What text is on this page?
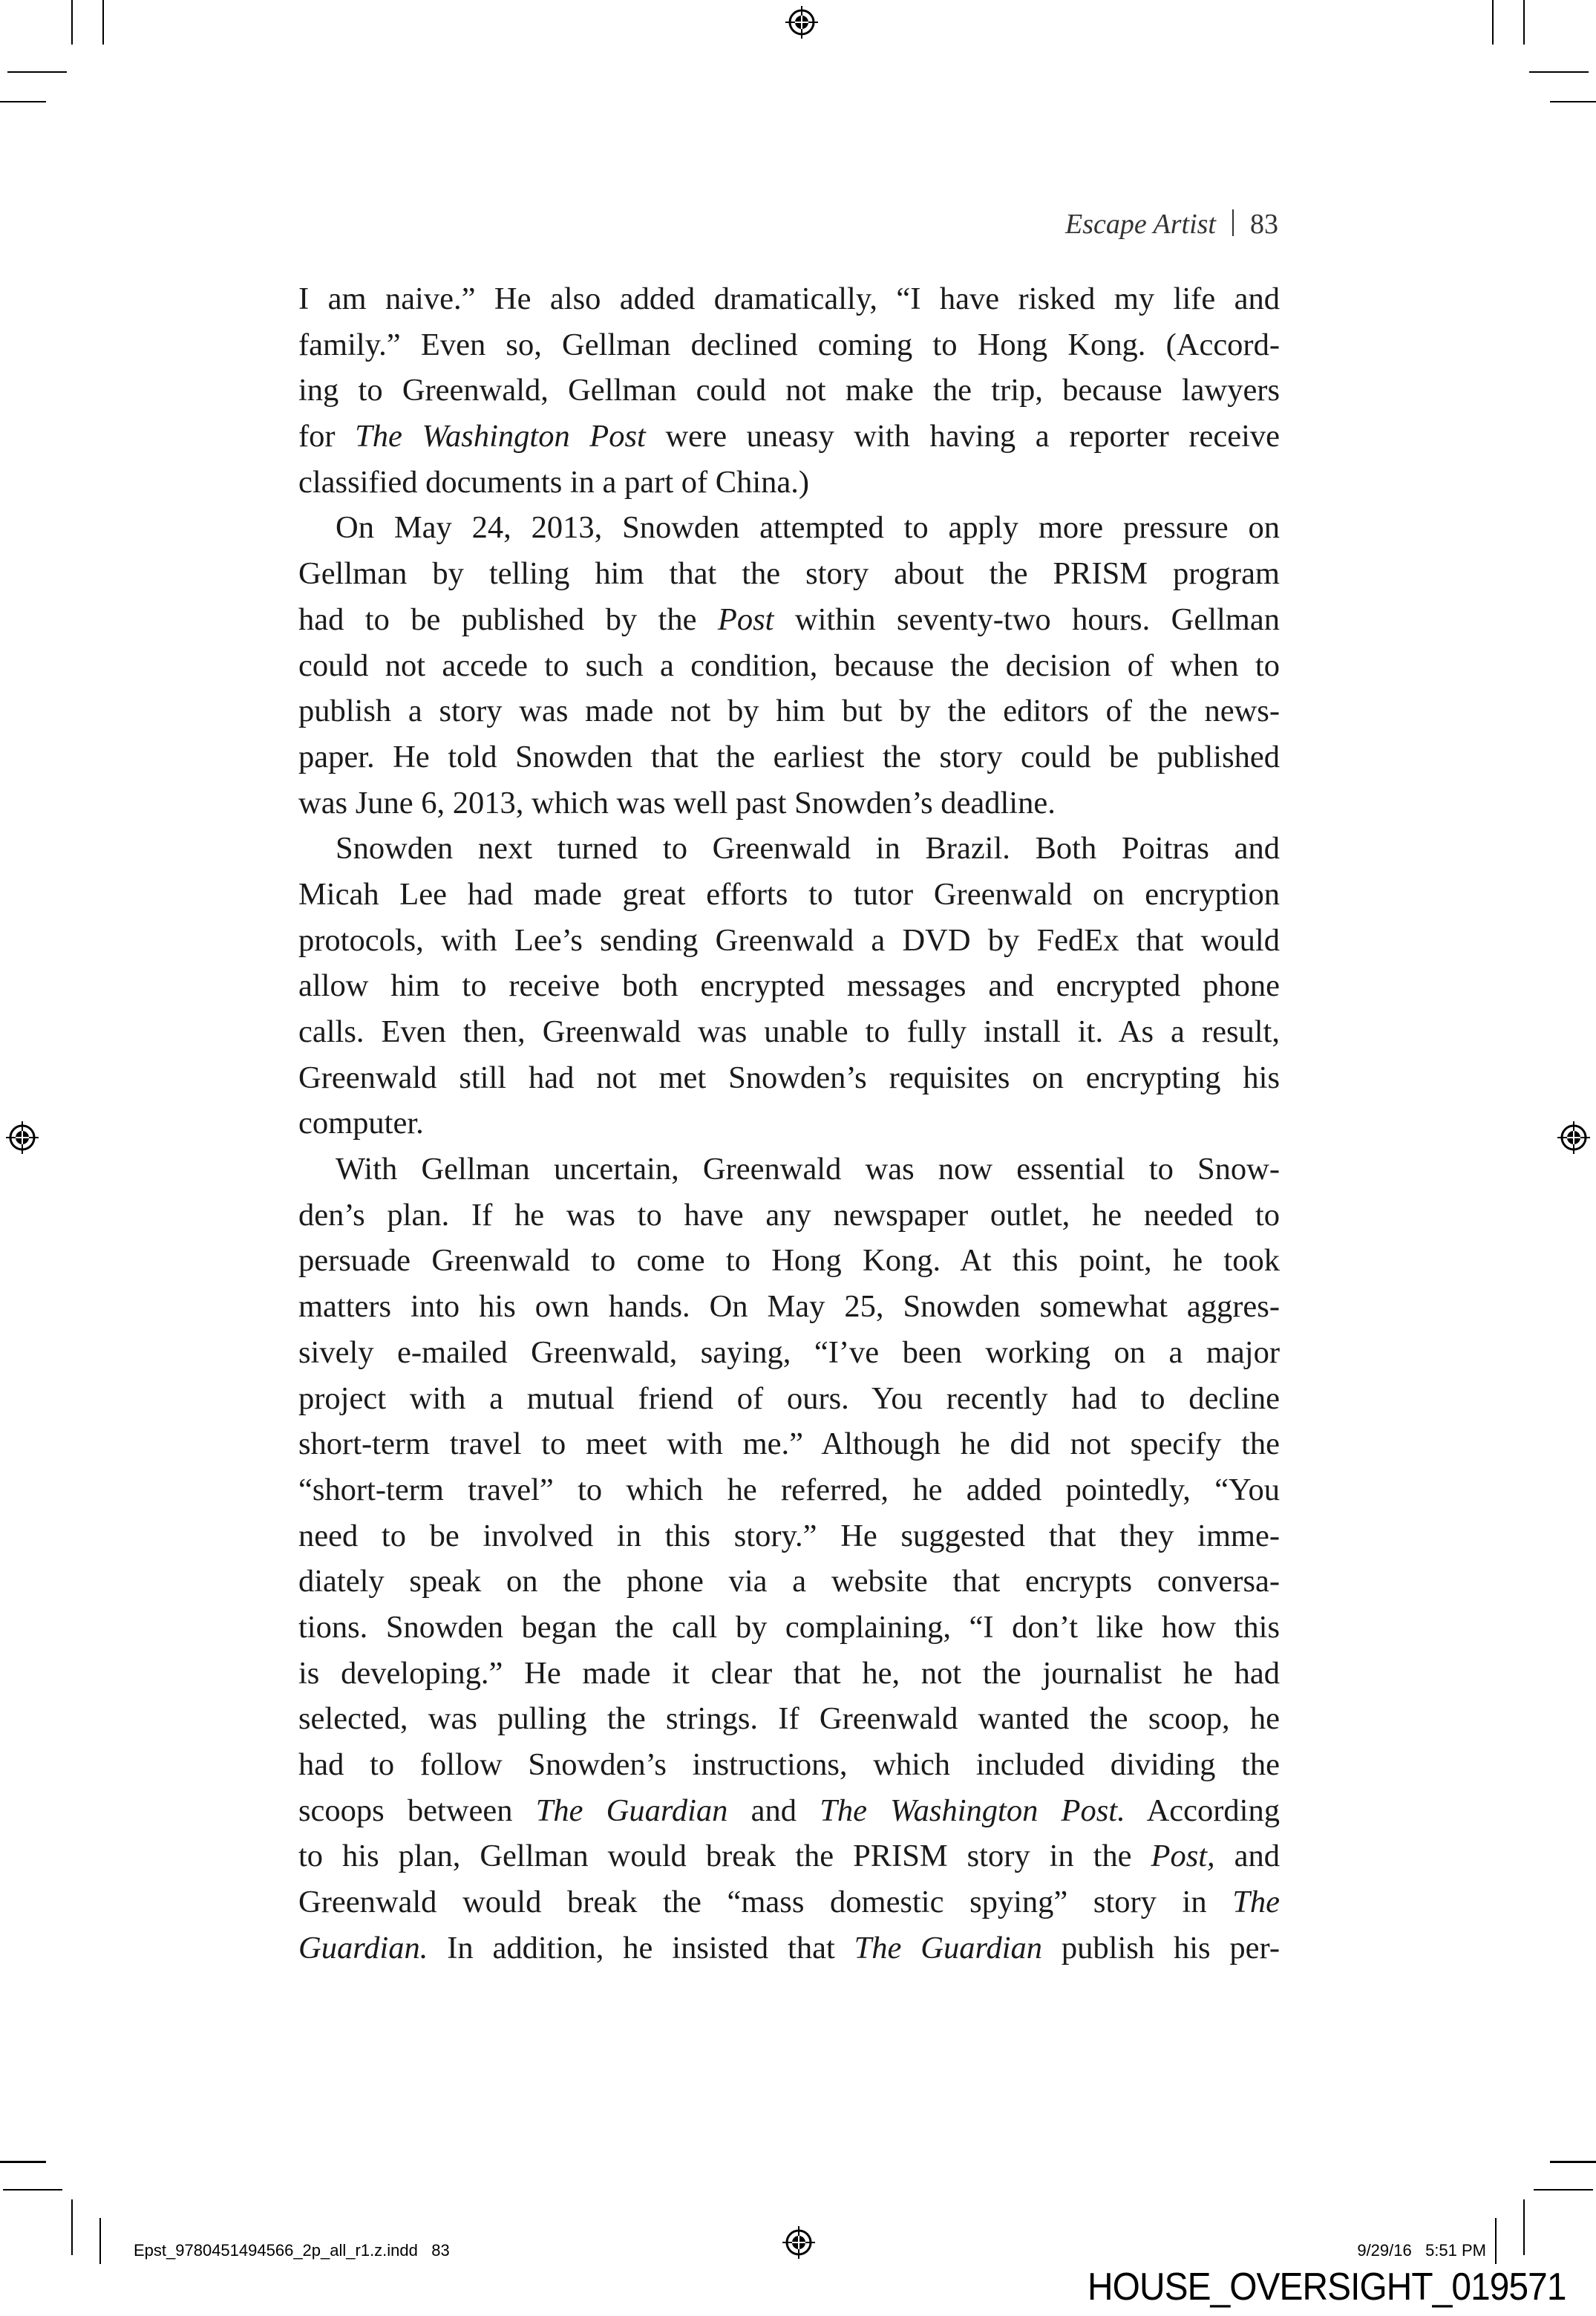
Escape Artist 83
I am naive.” He also added dramatically, “I have risked my life and
family.” Even so, Gellman declined coming to Hong Kong. (Accord-
ing to Greenwald, Gellman could not make the trip, because lawyers
for The Washington Post were uneasy with having a reporter receive
classified documents in a part of China.)
On May 24, 2013, Snowden attempted to apply more pressure on
Gellman by telling him that the story about the PRISM program
had to be published by the Post within seventy-two hours. Gellman
could not accede to such a condition, because the decision of when to
publish a story was made not by him but by the editors of the news-
paper. He told Snowden that the earliest the story could be published
was June 6, 2013, which was well past Snowden’s deadline.
Snowden next turned to Greenwald in Brazil. Both Poitras and
Micah Lee had made great efforts to tutor Greenwald on encryption
protocols, with Lee’s sending Greenwald a DVD by FedEx that would
allow him to receive both encrypted messages and encrypted phone
calls. Even then, Greenwald was unable to fully install it. As a result,
Greenwald still had not met Snowden’s requisites on encrypting his
computer.
With Gellman uncertain, Greenwald was now essential to Snow-
den’s plan. If he was to have any newspaper outlet, he needed to
persuade Greenwald to come to Hong Kong. At this point, he took
matters into his own hands. On May 25, Snowden somewhat aggres-
sively e-mailed Greenwald, saying, “I’ve been working on a major
project with a mutual friend of ours. You recently had to decline
short-term travel to meet with me.” Although he did not specify the
“short-term travel” to which he referred, he added pointedly, “You
need to be involved in this story.” He suggested that they imme-
diately speak on the phone via a website that encrypts conversa-
tions. Snowden began the call by complaining, “I don’t like how this
is developing.” He made it clear that he, not the journalist he had
selected, was pulling the strings. If Greenwald wanted the scoop, he
had to follow Snowden’s instructions, which included dividing the
scoops between The Guardian and The Washington Post. According
to his plan, Gellman would break the PRISM story in the Post, and
Greenwald would break the “mass domestic spying” story in The
Guardian. In addition, he insisted that The Guardian publish his per-
Epst_9780451494566_2p_all_r1.z.indd   83	9/29/16   5:51 PM
HOUSE_OVERSIGHT_019571
